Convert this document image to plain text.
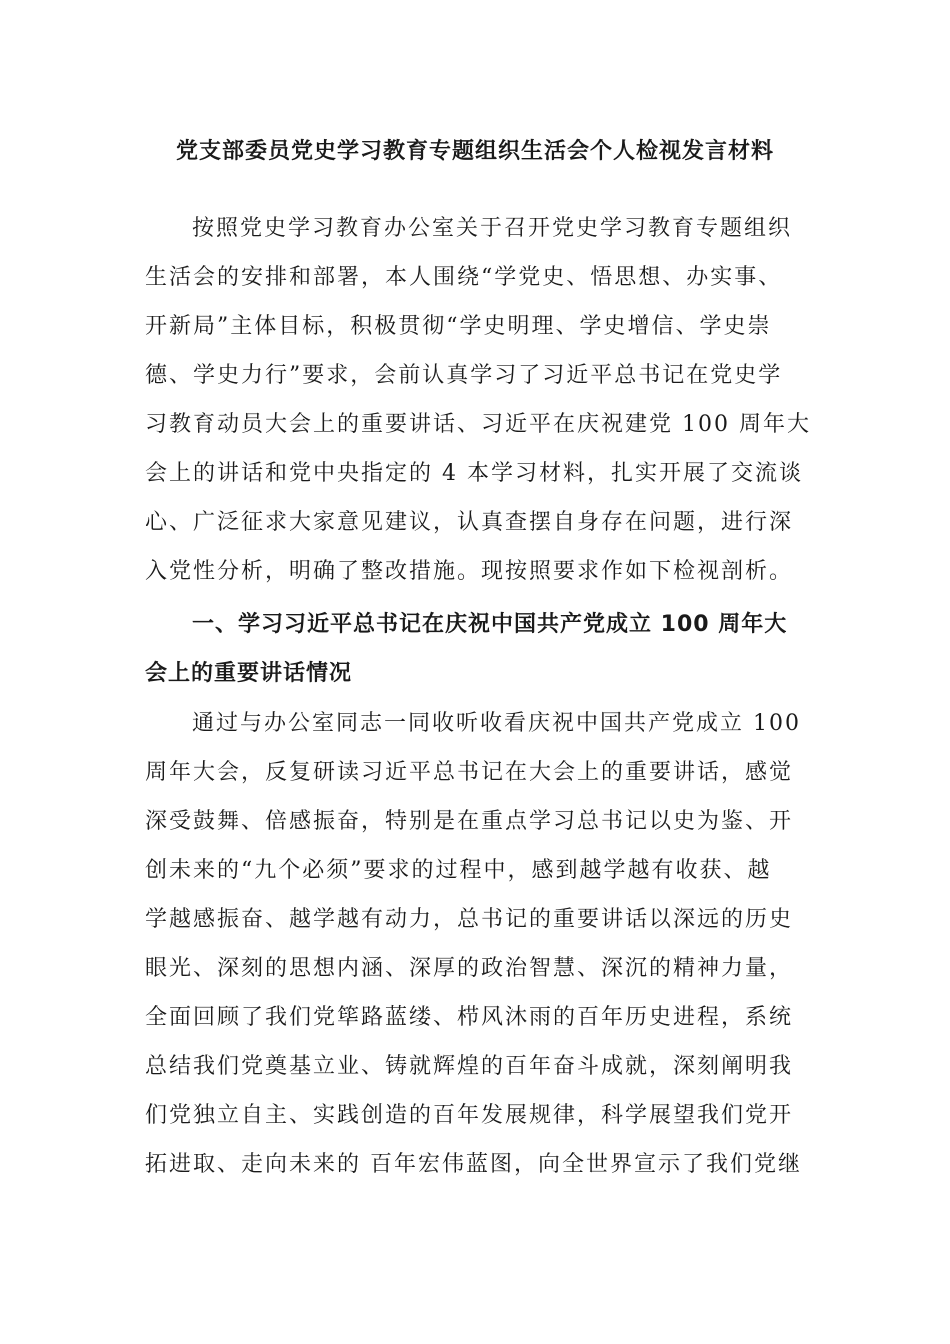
党支部委员党史学习教育专题组织生活会个人检视发言材料
按照党史学习教育办公室关于召开党史学习教育专题组织
生活会的安排和部署，本人围绕“学党史、悟思想、办实事、
开新局”主体目标，积极贯彻“学史明理、学史增信、学史崇
德、学史力行”要求，会前认真学习了习近平总书记在党史学
习教育动员大会上的重要讲话、习近平在庆祝建党 100 周年大
会上的讲话和党中央指定的 4 本学习材料，扎实开展了交流谈
心、广泛征求大家意见建议，认真查摆自身存在问题，进行深
入党性分析，明确了整改措施。现按照要求作如下检视剖析。
一、学习习近平总书记在庆祝中国共产党成立 100 周年大
会上的重要讲话情况
通过与办公室同志一同收听收看庆祝中国共产党成立 100
周年大会，反复研读习近平总书记在大会上的重要讲话，感觉
深受鼓舞、倍感振奋，特别是在重点学习总书记以史为鉴、开
创未来的“九个必须”要求的过程中，感到越学越有收获、越
学越感振奋、越学越有动力，总书记的重要讲话以深远的历史
眼光、深刻的思想内涵、深厚的政治智慧、深沉的精神力量，
全面回顾了我们党筚路蓝缕、栉风沐雨的百年历史进程，系统
总结我们党奠基立业、铸就辉煌的百年奋斗成就，深刻阐明我
们党独立自主、实践创造的百年发展规律，科学展望我们党开
拓进取、走向未来的 百年宏伟蓝图，向全世界宣示了我们党继
